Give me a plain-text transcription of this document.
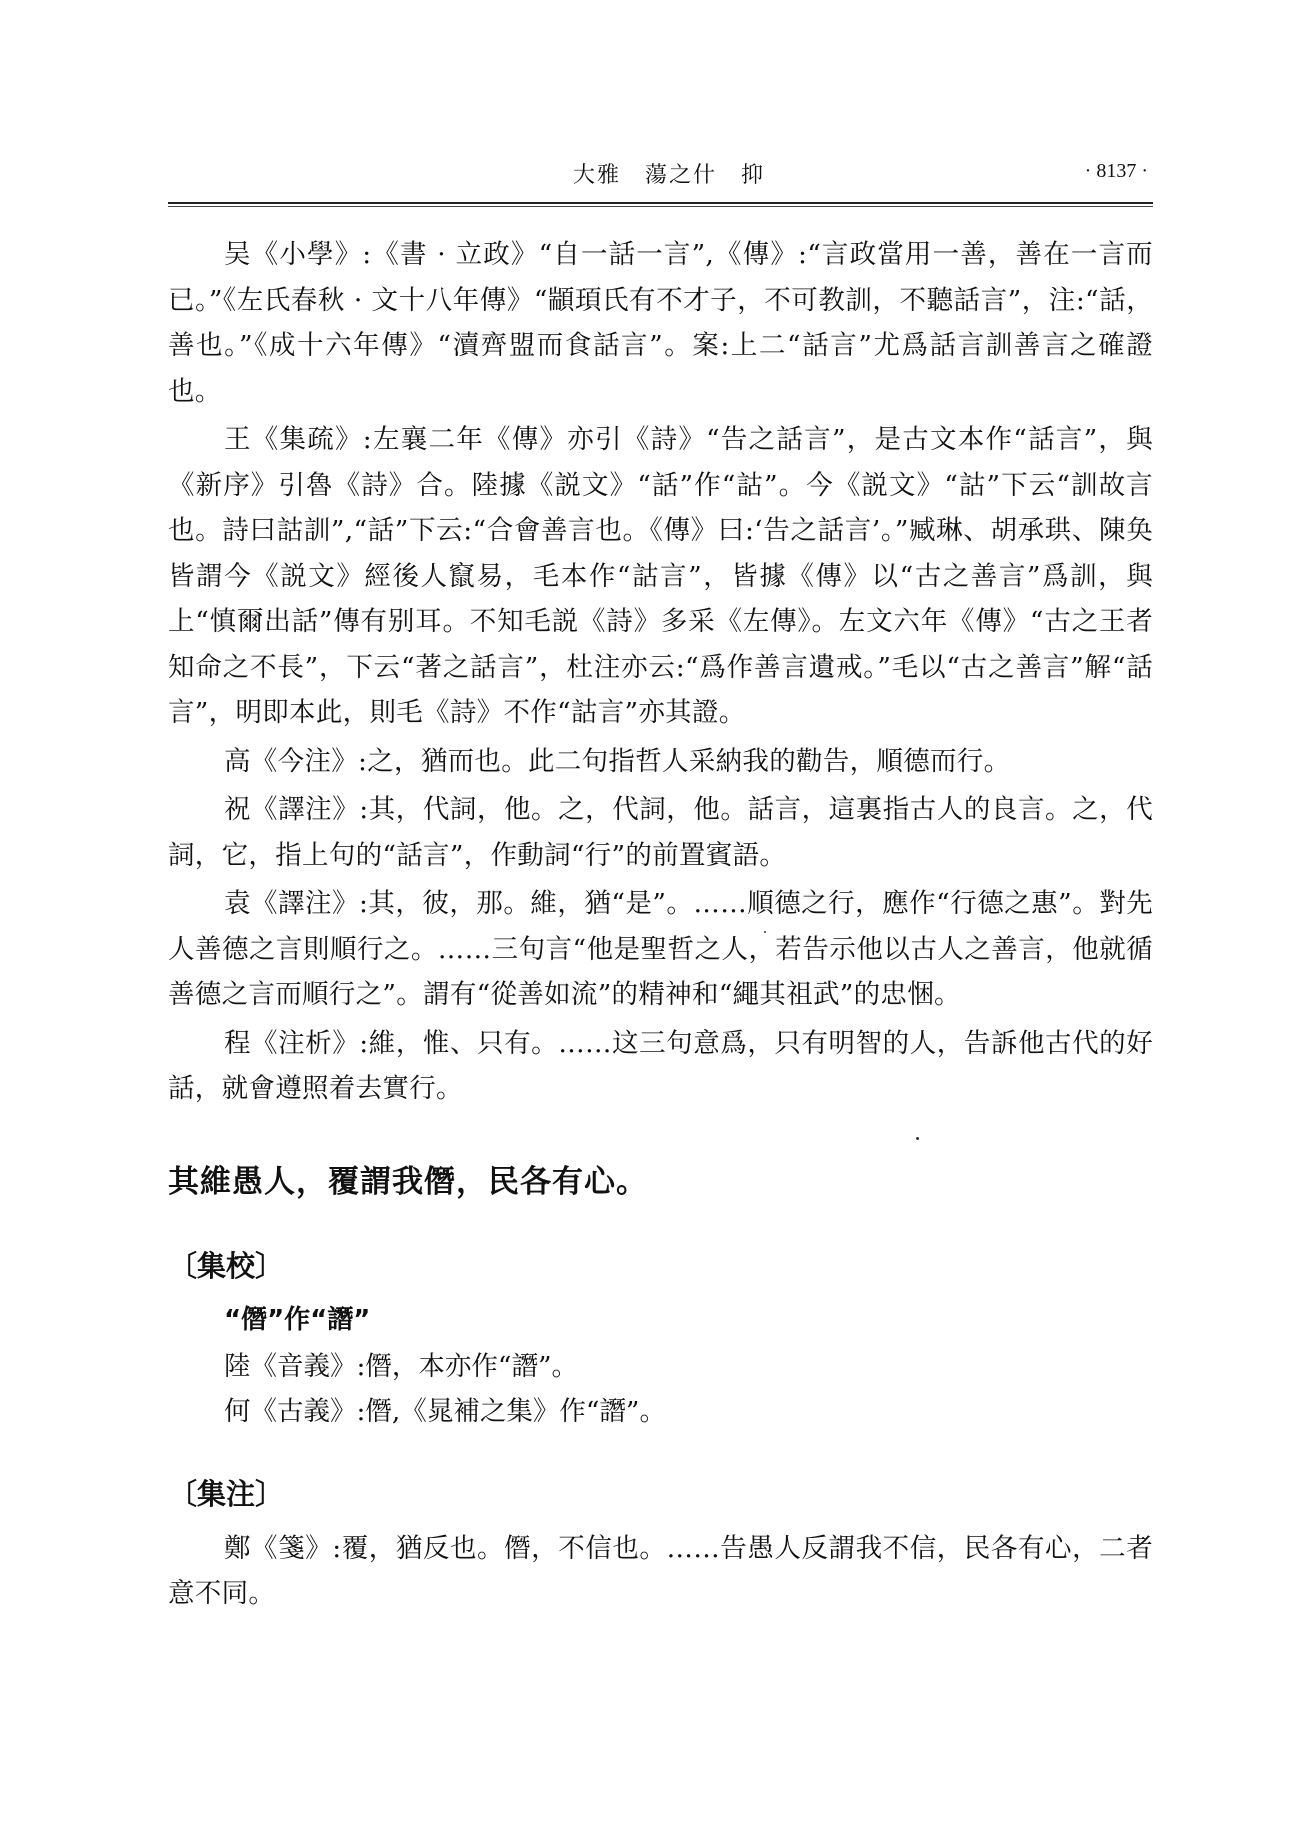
大雅　蕩之什　抑	· 8137 ·

吴《小學》:《書 · 立政》“自一話一言”,《傳》:“言政當用一善，善在一言而已。”《左氏春秋 · 文十八年傳》“顓頊氏有不才子，不可教訓，不聽話言”，注:“話，善也。”《成十六年傳》“瀆齊盟而食話言”。案:上二“話言”尤爲話言訓善言之確證也。

王《集疏》:左襄二年《傳》亦引《詩》“告之話言”，是古文本作“話言”，與《新序》引魯《詩》合。陸據《説文》“話”作“詁”。今《説文》“詁”下云“訓故言也。詩曰詁訓”,“話”下云:“合會善言也。《傳》曰:‘告之話言’。”臧琳、胡承珙、陳奂皆謂今《説文》經後人竄易，毛本作“詁言”，皆據《傳》以“古之善言”爲訓，與上“慎爾出話”傳有别耳。不知毛説《詩》多采《左傳》。左文六年《傳》“古之王者知命之不長”，下云“著之話言”，杜注亦云:“爲作善言遺戒。”毛以“古之善言”解“話言”，明即本此，則毛《詩》不作“詁言”亦其證。

高《今注》:之，猶而也。此二句指哲人采納我的勸告，順德而行。

祝《譯注》:其，代詞，他。之，代詞，他。話言，這裏指古人的良言。之，代詞，它，指上句的“話言”，作動詞“行”的前置賓語。

袁《譯注》:其，彼，那。維，猶“是”。……順德之行，應作“行德之惠”。對先人善德之言則順行之。……三句言“他是聖哲之人，若告示他以古人之善言，他就循善德之言而順行之”。謂有“從善如流”的精神和“繩其祖武”的忠悃。

程《注析》:維，惟、只有。……这三句意爲，只有明智的人，告訴他古代的好話，就會遵照着去實行。

其維愚人，覆謂我僭，民各有心。
〔集校〕
“僭”作“譖”
陸《音義》:僭，本亦作“譖”。
何《古義》:僭,《晁補之集》作“譖”。
〔集注〕

鄭《箋》:覆，猶反也。僭，不信也。……告愚人反謂我不信，民各有心，二者意不同。
